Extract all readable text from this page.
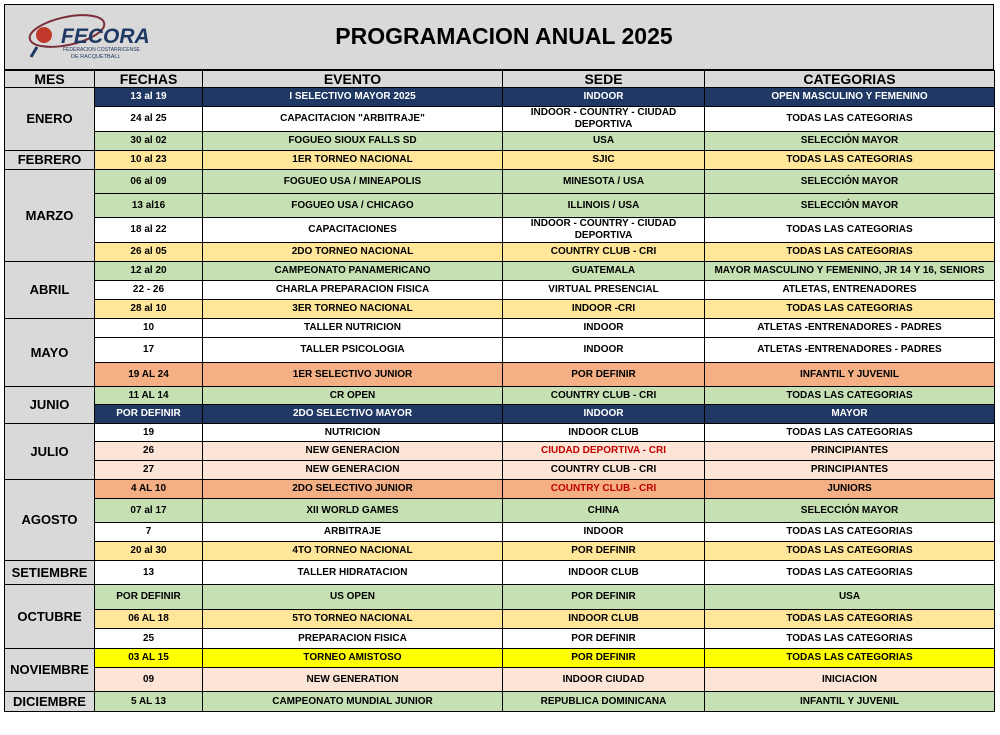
FECORA
FEDERACION COSTARRICENSE
DE RACQUETBALL
PROGRAMACION ANUAL 2025
MES	FECHAS	EVENTO	SEDE	CATEGORIAS
ENERO	13 al 19	I SELECTIVO MAYOR 2025	INDOOR	OPEN MASCULINO Y FEMENINO
	24 al 25	CAPACITACION "ARBITRAJE"	INDOOR - COUNTRY - CIUDAD DEPORTIVA	TODAS LAS CATEGORIAS
	30 al 02	FOGUEO SIOUX FALLS SD	USA	SELECCIÓN MAYOR
FEBRERO	10 al 23	1ER TORNEO NACIONAL	SJIC	TODAS LAS CATEGORIAS
MARZO	06 al 09	FOGUEO USA / MINEAPOLIS	MINESOTA / USA	SELECCIÓN MAYOR
	13 al16	FOGUEO USA / CHICAGO	ILLINOIS / USA	SELECCIÓN MAYOR
	18 al 22	CAPACITACIONES	INDOOR - COUNTRY - CIUDAD DEPORTIVA	TODAS LAS CATEGORIAS
	26 al 05	2DO TORNEO NACIONAL	COUNTRY CLUB - CRI	TODAS LAS CATEGORIAS
ABRIL	12 al 20	CAMPEONATO PANAMERICANO	GUATEMALA	MAYOR MASCULINO Y FEMENINO, JR 14 Y 16, SENIORS
	22 - 26	CHARLA PREPARACION FISICA	VIRTUAL PRESENCIAL	ATLETAS, ENTRENADORES
	28 al 10	3ER TORNEO NACIONAL	INDOOR -CRI	TODAS LAS CATEGORIAS
MAYO	10	TALLER NUTRICION	INDOOR	ATLETAS -ENTRENADORES - PADRES
	17	TALLER PSICOLOGIA	INDOOR	ATLETAS -ENTRENADORES - PADRES
	19 AL 24	1ER SELECTIVO JUNIOR	POR DEFINIR	INFANTIL Y JUVENIL
JUNIO	11 AL 14	CR OPEN	COUNTRY CLUB - CRI	TODAS LAS CATEGORIAS
	POR DEFINIR	2DO SELECTIVO MAYOR	INDOOR	MAYOR
JULIO	19	NUTRICION	INDOOR CLUB	TODAS LAS CATEGORIAS
	26	NEW GENERACION	CIUDAD DEPORTIVA - CRI	PRINCIPIANTES
	27	NEW GENERACION	COUNTRY CLUB - CRI	PRINCIPIANTES
AGOSTO	4 AL 10	2DO SELECTIVO JUNIOR	COUNTRY CLUB - CRI	JUNIORS
	07 al 17	XII WORLD GAMES	CHINA	SELECCIÓN MAYOR
	7	ARBITRAJE	INDOOR	TODAS LAS CATEGORIAS
	20 al 30	4TO TORNEO NACIONAL	POR DEFINIR	TODAS LAS CATEGORIAS
SETIEMBRE	13	TALLER HIDRATACION	INDOOR CLUB	TODAS LAS CATEGORIAS
OCTUBRE	POR DEFINIR	US OPEN	POR DEFINIR	USA
	06 AL 18	5TO TORNEO NACIONAL	INDOOR CLUB	TODAS LAS CATEGORIAS
	25	PREPARACION FISICA	POR DEFINIR	TODAS LAS CATEGORIAS
NOVIEMBRE	03 AL 15	TORNEO AMISTOSO	POR DEFINIR	TODAS LAS CATEGORIAS
	09	NEW GENERATION	INDOOR CIUDAD	INICIACION
DICIEMBRE	5 AL 13	CAMPEONATO MUNDIAL JUNIOR	REPUBLICA DOMINICANA	INFANTIL Y JUVENIL
